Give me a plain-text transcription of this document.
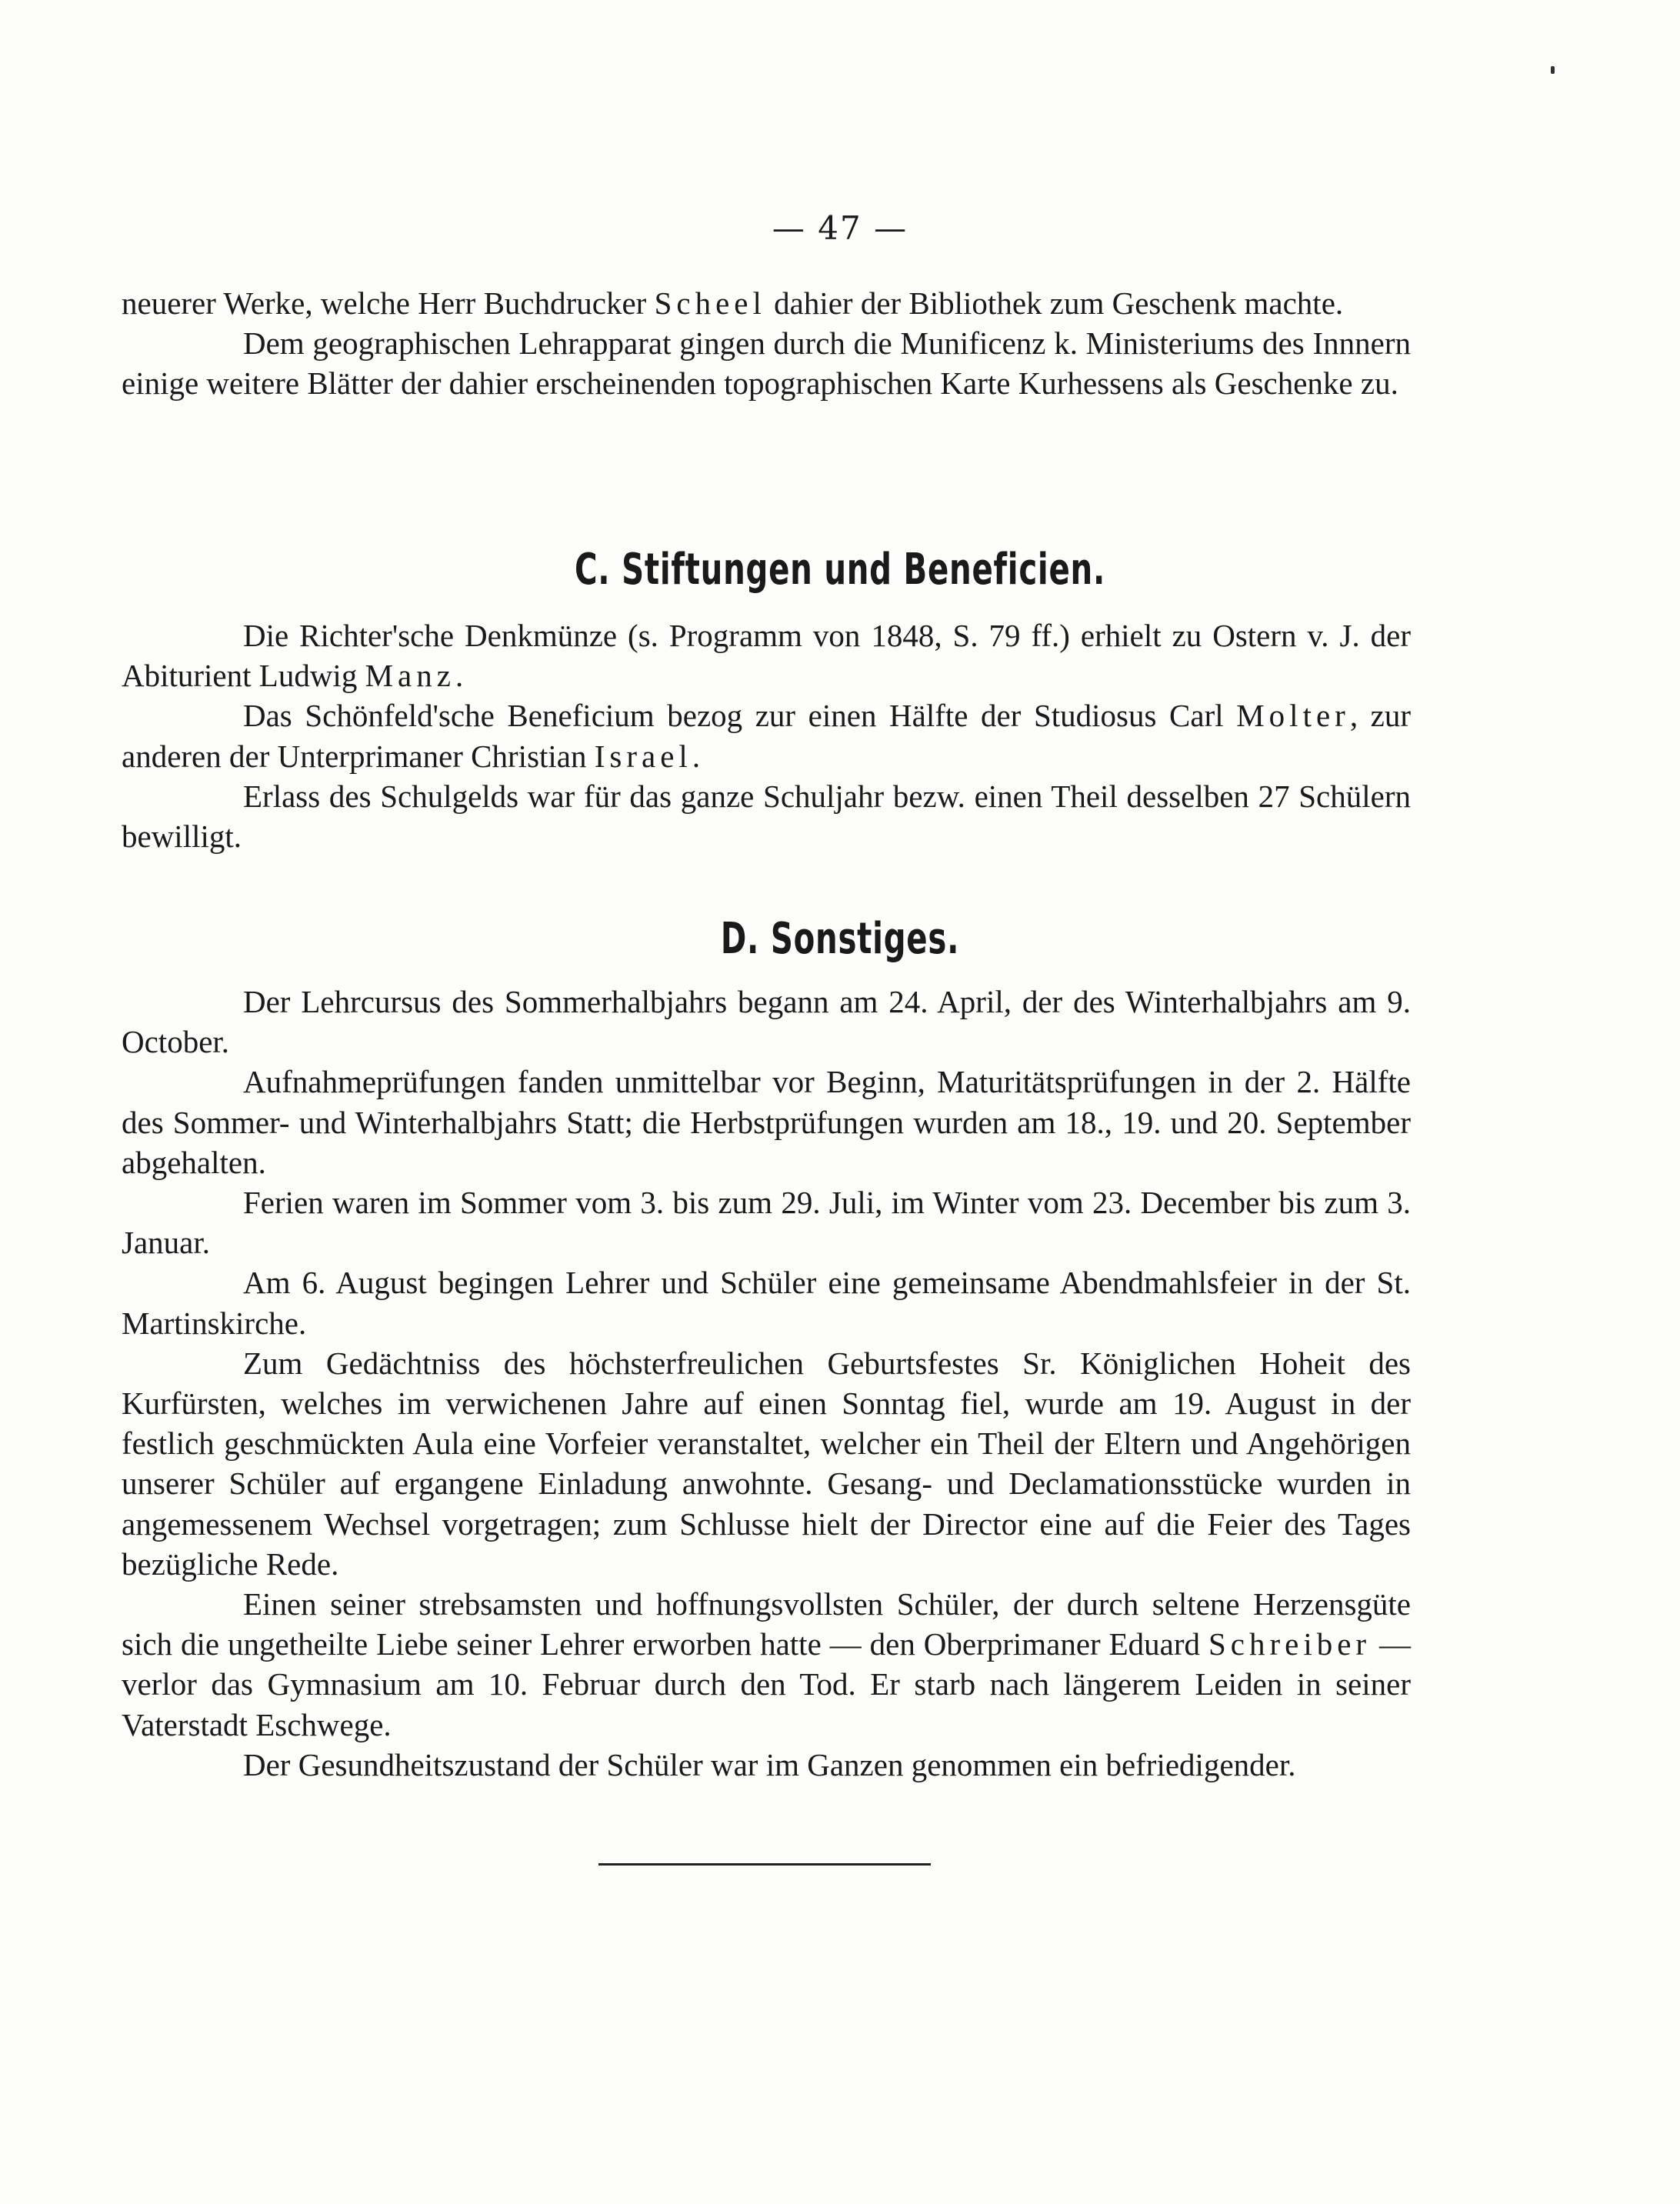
— 47 —

neuerer Werke, welche Herr Buchdrucker Scheel dahier der Bibliothek zum Geschenk machte.

Dem geographischen Lehrapparat gingen durch die Munificenz k. Ministeriums des Innnern einige weitere Blätter der dahier erscheinenden topographischen Karte Kurhessens als Geschenke zu.

C. Stiftungen und Beneficien.

Die Richter'sche Denkmünze (s. Programm von 1848, S. 79 ff.) erhielt zu Ostern v. J. der Abiturient Ludwig Manz.

Das Schönfeld'sche Beneficium bezog zur einen Hälfte der Studiosus Carl Molter, zur anderen der Unterprimaner Christian Israel.

Erlass des Schulgelds war für das ganze Schuljahr bezw. einen Theil desselben 27 Schülern bewilligt.

D. Sonstiges.

Der Lehrcursus des Sommerhalbjahrs begann am 24. April, der des Winterhalbjahrs am 9. October.

Aufnahmeprüfungen fanden unmittelbar vor Beginn, Maturitätsprüfungen in der 2. Hälfte des Sommer- und Winterhalbjahrs Statt; die Herbstprüfungen wurden am 18., 19. und 20. September abgehalten.

Ferien waren im Sommer vom 3. bis zum 29. Juli, im Winter vom 23. December bis zum 3. Januar.

Am 6. August begingen Lehrer und Schüler eine gemeinsame Abendmahlsfeier in der St. Martinskirche.

Zum Gedächtniss des höchsterfreulichen Geburtsfestes Sr. Königlichen Hoheit des Kurfürsten, welches im verwichenen Jahre auf einen Sonntag fiel, wurde am 19. August in der festlich geschmückten Aula eine Vorfeier veranstaltet, welcher ein Theil der Eltern und Angehörigen unserer Schüler auf ergangene Einladung anwohnte. Gesang- und Declamationsstücke wurden in angemessenem Wechsel vorgetragen; zum Schlusse hielt der Director eine auf die Feier des Tages bezügliche Rede.

Einen seiner strebsamsten und hoffnungsvollsten Schüler, der durch seltene Herzensgüte sich die ungetheilte Liebe seiner Lehrer erworben hatte — den Oberprimaner Eduard Schreiber — verlor das Gymnasium am 10. Februar durch den Tod. Er starb nach längerem Leiden in seiner Vaterstadt Eschwege.

Der Gesundheitszustand der Schüler war im Ganzen genommen ein befriedigender.
